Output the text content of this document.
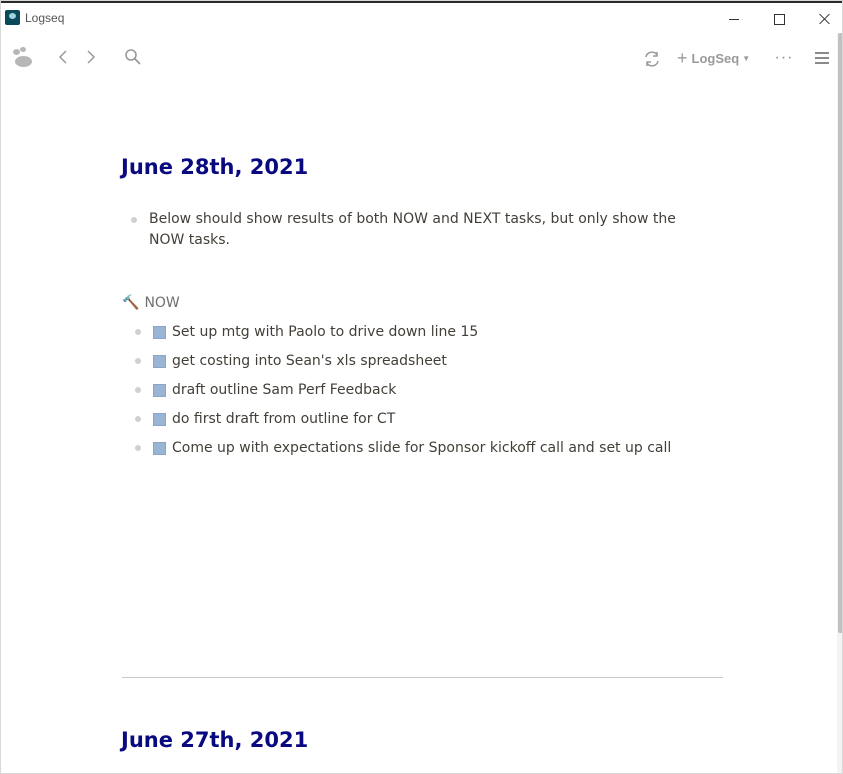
Logseq
+ LogSeq ▼ ···
June 28th, 2021
Below should show results of both NOW and NEXT tasks, but only show the NOW tasks.
🔨 NOW
Set up mtg with Paolo to drive down line 15
get costing into Sean's xls spreadsheet
draft outline Sam Perf Feedback
do first draft from outline for CT
Come up with expectations slide for Sponsor kickoff call and set up call
June 27th, 2021
